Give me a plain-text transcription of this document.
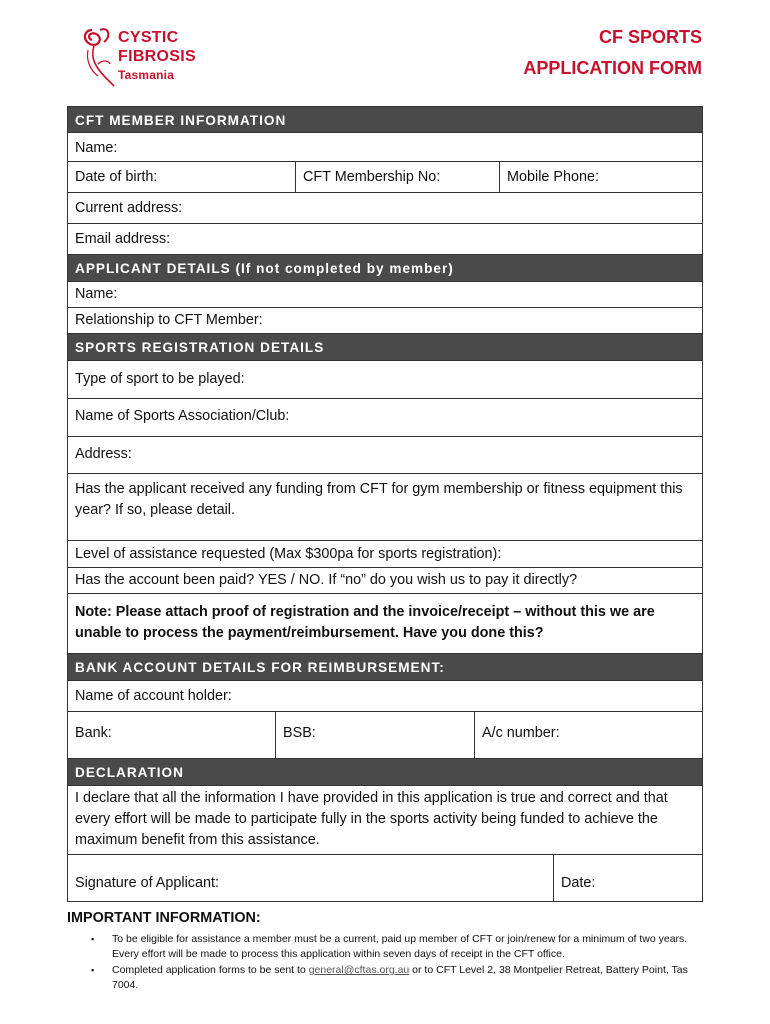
CYSTIC
FIBROSIS
Tasmania
CF SPORTS
APPLICATION FORM
CFT MEMBER INFORMATION
Name:
Date of birth:	CFT Membership No:	Mobile Phone:
Current address:
Email address:
APPLICANT DETAILS (If not completed by member)
Name:
Relationship to CFT Member:
SPORTS REGISTRATION DETAILS
Type of sport to be played:
Name of Sports Association/Club:
Address:
Has the applicant received any funding from CFT for gym membership or fitness equipment this year? If so, please detail.
Level of assistance requested (Max $300pa for sports registration):
Has the account been paid? YES / NO. If “no” do you wish us to pay it directly?
Note: Please attach proof of registration and the invoice/receipt – without this we are unable to process the payment/reimbursement. Have you done this?
BANK ACCOUNT DETAILS FOR REIMBURSEMENT:
Name of account holder:
Bank:	BSB:	A/c number:
DECLARATION
I declare that all the information I have provided in this application is true and correct and that every effort will be made to participate fully in the sports activity being funded to achieve the maximum benefit from this assistance.
Signature of Applicant:	Date:
IMPORTANT INFORMATION:
▪ To be eligible for assistance a member must be a current, paid up member of CFT or join/renew for a minimum of two years. Every effort will be made to process this application within seven days of receipt in the CFT office.
▪ Completed application forms to be sent to general@cftas.org.au or to CFT Level 2, 38 Montpelier Retreat, Battery Point, Tas 7004.
